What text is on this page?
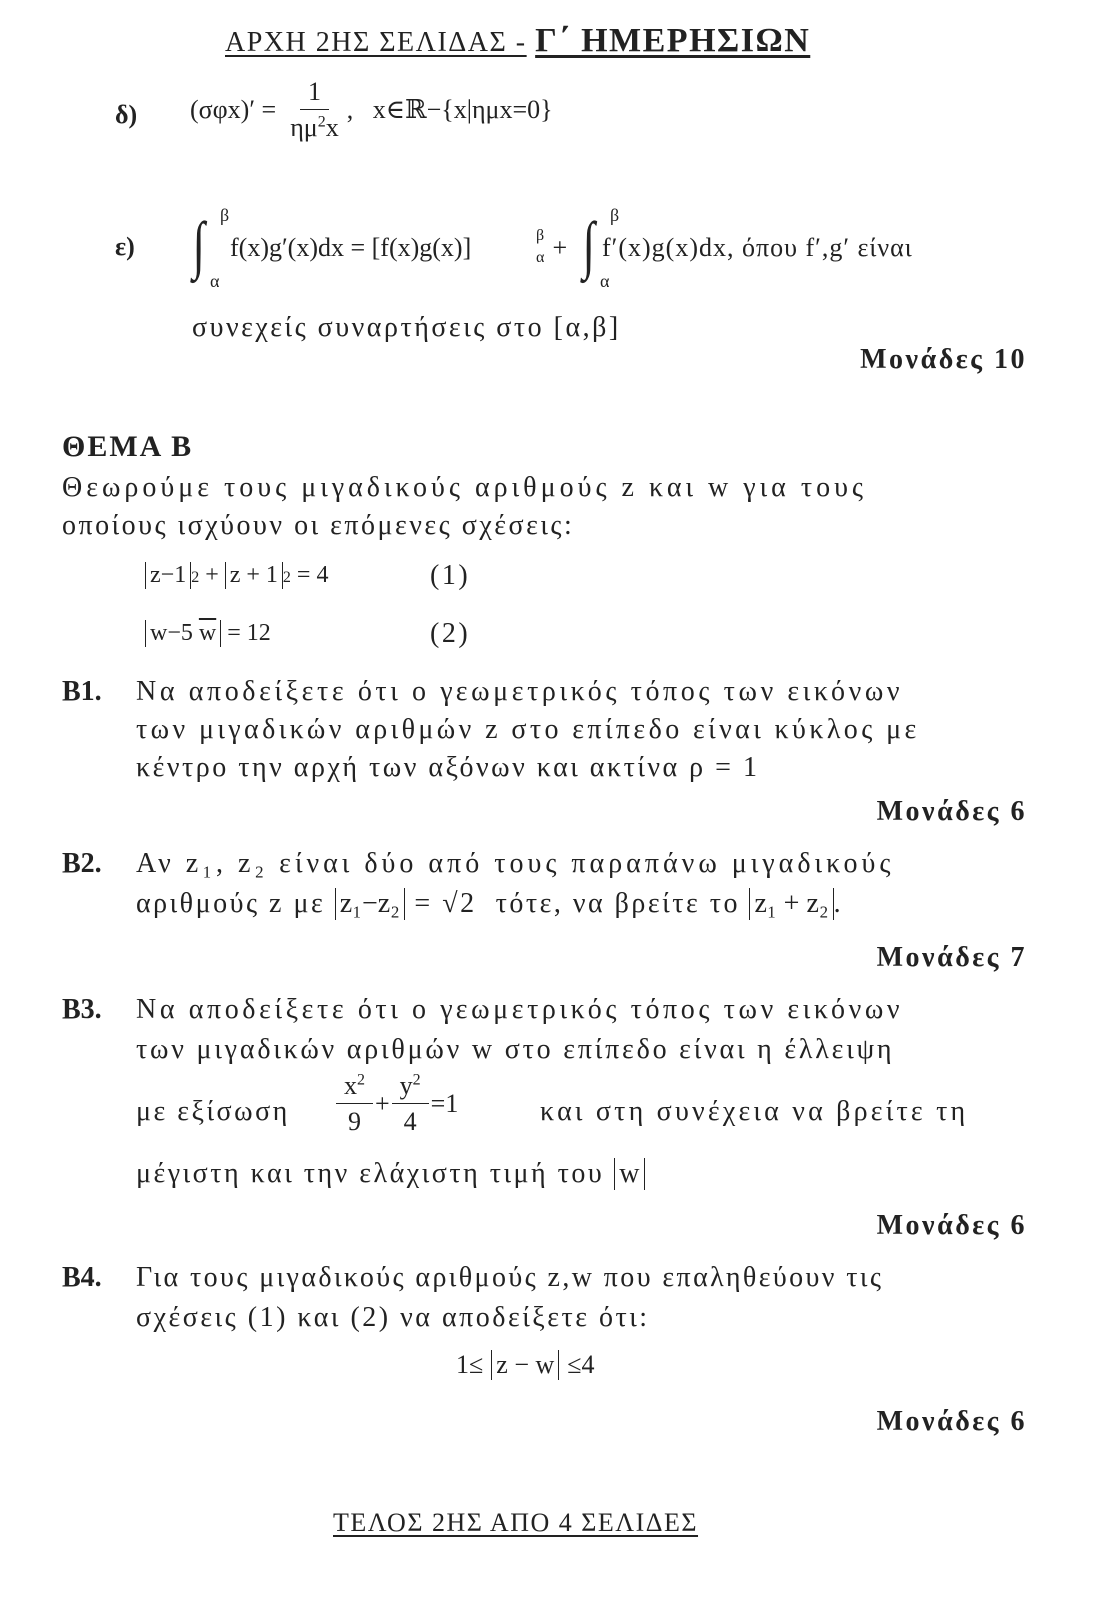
ΑΡΧΗ 2ΗΣ ΣΕΛΙΔΑΣ - Γ΄ ΗΜΕΡΗΣΙΩΝ
δ) $(\sigma\varphi x)' = \frac{1}{\eta\mu^2x}$ ,   x∈ℝ−{x|ημx=0}
ε) ∫ β
α
f(x)g′(x)dx = [f(x)g(x)]	β
α + ∫ β
α
f′(x)g(x)dx, όπου f′,g′ είναι
συνεχείς συναρτήσεις στο [α,β]
Μονάδες 10
ΘΕΜΑ Β
Θεωρούμε τους μιγαδικούς αριθμούς z και w για τους
οποίους ισχύουν οι επόμενες σχέσεις:
z−1 2 + z + 1 2 = 4	(1)
w−5 $\overline{w} = 12$	(2)
Β1. Να αποδείξετε ότι ο γεωμετρικός τόπος των εικόνων
των μιγαδικών αριθμών z στο επίπεδο είναι κύκλος με
κέντρο την αρχή των αξόνων και ακτίνα ρ = 1
Μονάδες 6
Β2. Αν z₁, z₂ είναι δύο από τους παραπάνω μιγαδικούς
αριθμούς z με z₁−z₂ = √2 τότε, να βρείτε το z₁ + z₂ .
Μονάδες 7
Β3. Να αποδείξετε ότι ο γεωμετρικός τόπος των εικόνων
των μιγαδικών αριθμών w στο επίπεδο είναι η έλλειψη
με εξίσωση $\frac{x^2}{9} + \frac{y^2}{4} =1$	και στη συνέχεια να βρείτε τη
μέγιστη και την ελάχιστη τιμή του w
Μονάδες 6
Β4. Για τους μιγαδικούς αριθμούς z,w που επαληθεύουν τις
σχέσεις (1) και (2) να αποδείξετε ότι:
1≤ z − w ≤4
Μονάδες 6
ΤΕΛΟΣ 2ΗΣ ΑΠΟ 4 ΣΕΛΙΔΕΣ
